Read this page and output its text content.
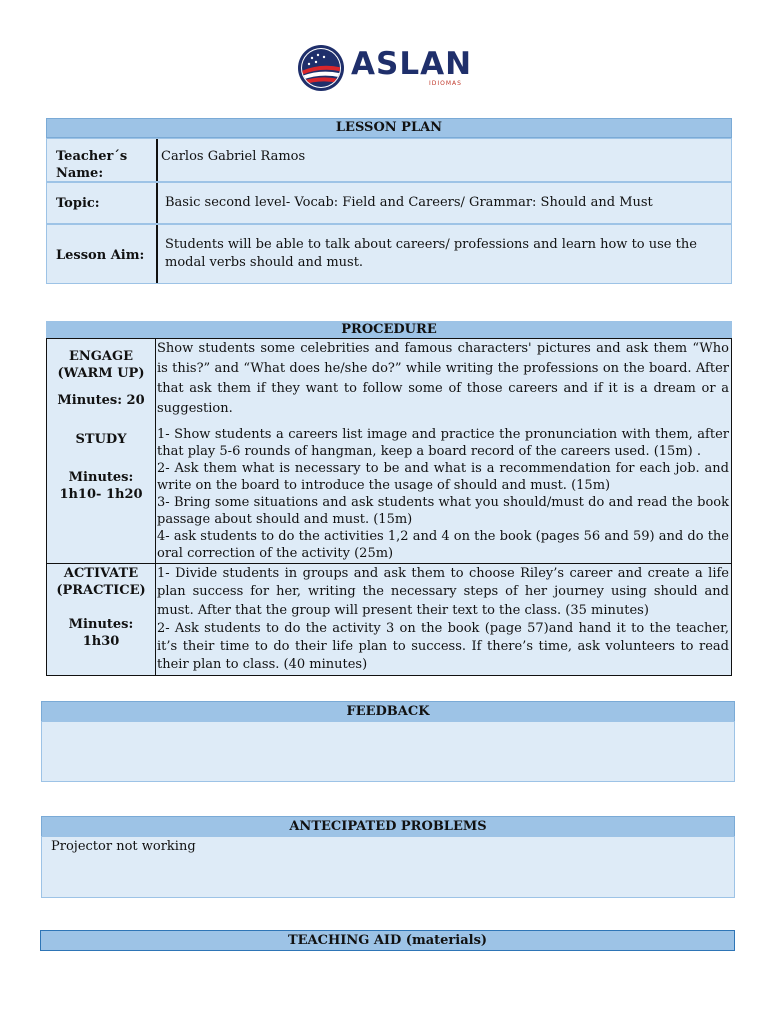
ASLAN
IDIOMAS
LESSON PLAN
Teacher´s Name:
Carlos Gabriel Ramos
Topic:	Basic second level- Vocab: Field and Careers/ Grammar: Should and Must
Lesson Aim:
Students will be able to talk about careers/ professions and learn how to use the modal verbs should and must.
PROCEDURE
ENGAGE (WARM UP)
Minutes: 20
Show students some celebrities and famous characters' pictures and ask them “Who is this?” and “What does he/she do?” while writing the professions on the board. After that ask them if they want to follow some of those careers and if it is a dream or a suggestion.
STUDY
Minutes:
1h10- 1h20

1- Show students a careers list image and practice the pronunciation with them, after that play 5-6 rounds of hangman, keep a board record of the careers used. (15m) .

2- Ask them what is necessary to be and what is a recommendation for each job. and write on the board to introduce the usage of should and must. (15m)

3- Bring some situations and ask students what you should/must do and read the book passage about should and must. (15m)

4- ask students to do the activities 1,2 and 4 on the book (pages 56 and 59) and do the oral correction of the activity (25m)

ACTIVATE (PRACTICE)
Minutes:
1h30

1- Divide students in groups and ask them to choose Riley’s career and create a life plan success for her, writing the necessary steps of her journey using should and must. After that the group will present their text to the class. (35 minutes)

2- Ask students to do the activity 3 on the book (page 57)and hand it to the teacher, it’s their time to do their life plan to success. If there’s time, ask volunteers to read their plan to class. (40 minutes)

FEEDBACK
ANTECIPATED PROBLEMS
Projector not working
TEACHING AID (materials)
